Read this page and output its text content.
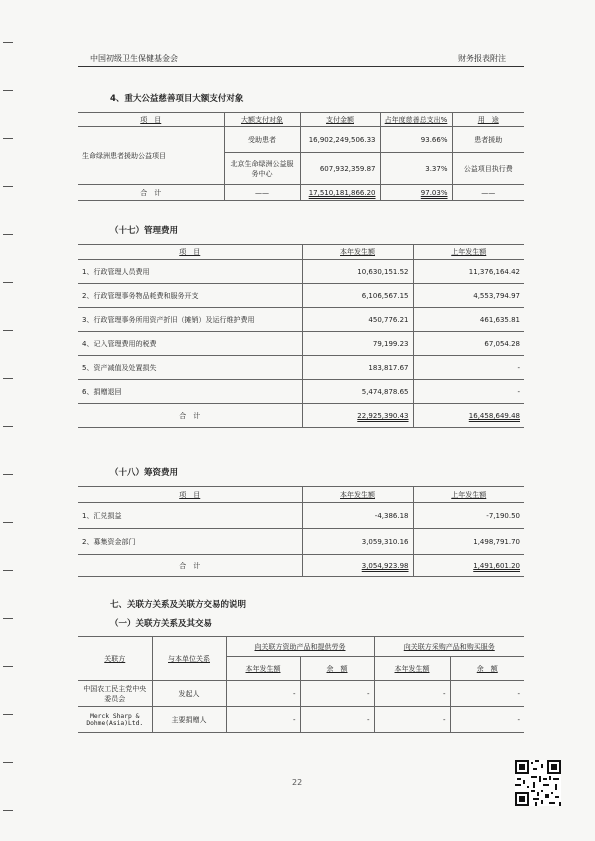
中国初级卫生保健基金会	财务报表附注
4、重大公益慈善项目大额支付对象
项　目	大额支付对象	支付金额	占年度慈善总支出%	用　途
生命绿洲患者援助公益项目	受助患者	16,902,249,506.33	93.66%	患者援助
	北京生命绿洲公益服务中心	607,932,359.87	3.37%	公益项目执行费
合　计	——	17,510,181,866.20	97.03%	——
（十七）管理费用
项　目	本年发生额	上年发生额
1、行政管理人员费用	10,630,151.52	11,376,164.42
2、行政管理事务物品耗费和服务开支	6,106,567.15	4,553,794.97
3、行政管理事务所用资产折旧（摊销）及运行维护费用	450,776.21	461,635.81
4、记入管理费用的税费	79,199.23	67,054.28
5、资产减值及处置损失	183,817.67	-
6、捐赠退回	5,474,878.65	-
合　计	22,925,390.43	16,458,649.48
（十八）筹资费用
项　目	本年发生额	上年发生额
1、汇兑损益	-4,386.18	-7,190.50
2、募集资金部门	3,059,310.16	1,498,791.70
合　计	3,054,923.98	1,491,601.20
七、关联方关系及关联方交易的说明
（一）关联方关系及其交易
关联方	与本单位关系	向关联方资助产品和提供劳务		向关联方采购产品和购买服务	
		本年发生额	余　额	本年发生额	余　额
中国农工民主党中央委员会	发起人	-	-	-	-
Merck Sharp & Dohme(Asia)Ltd.	主要捐赠人	-	-	-	-
22
